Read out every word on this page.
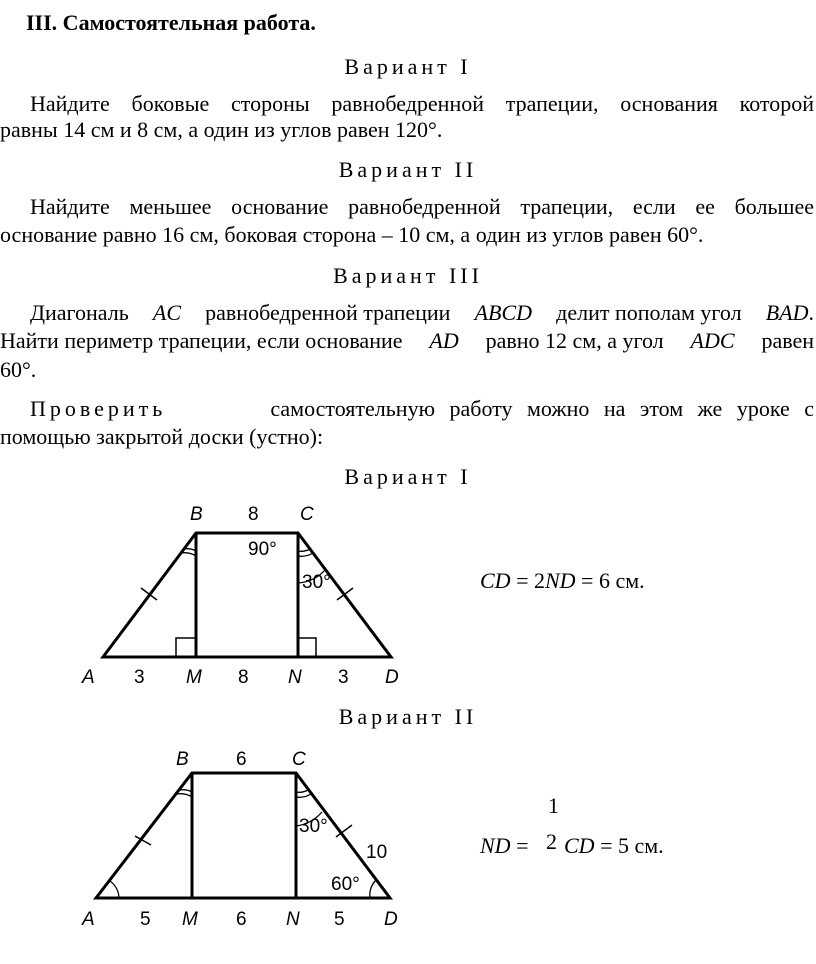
III. Самостоятельная работа.
Вариант I
Найдите боковые стороны равнобедренной трапеции, основания которой
равны 14 см и 8 см, а один из углов равен 120°.
Вариант II
Найдите меньшее основание равнобедренной трапеции, если ее большее
основание равно 16 см, боковая сторона – 10 см, а один из углов равен 60°.
Вариант III
Диагональ AC равнобедренной трапеции ABCD делит пополам угол BAD.
Найти периметр трапеции, если основание AD равно 12 см, а угол ADC равен
60°.
Проверить	самостоятельную работу можно на этом же уроке с
помощью закрытой доски (устно):
Вариант I
B 8 C
90°
30°
A 3 M 8 N 3 D
CD = 2ND = 6 см.
Вариант II
B 6 C
30°
10
60°
A 5 M 6 N 5 D
ND =
1
2 CD = 5 см.
